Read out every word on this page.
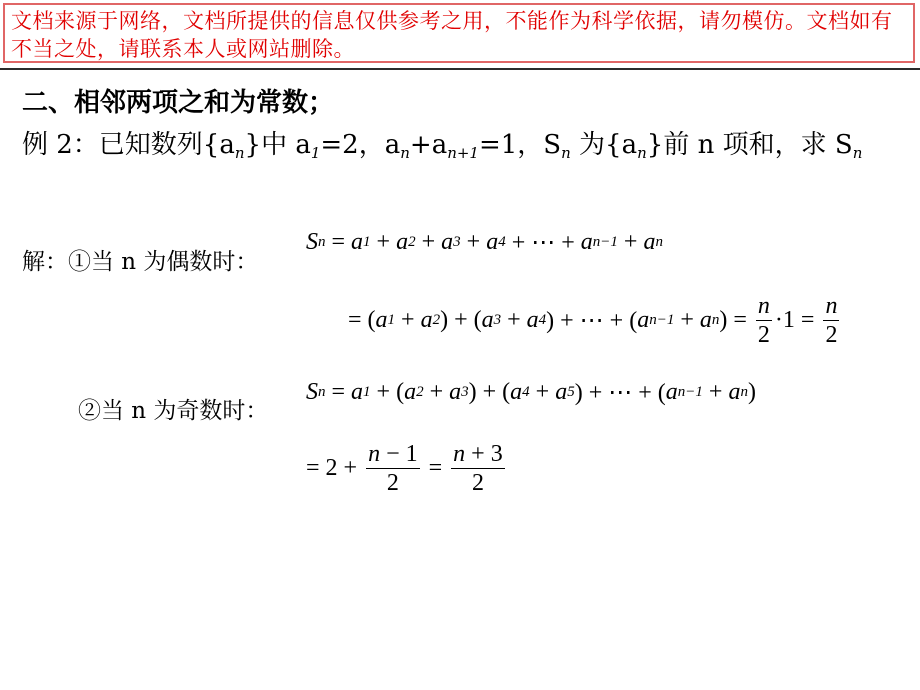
文档来源于网络，文档所提供的信息仅供参考之用，不能作为科学依据，请勿模仿。文档如有不当之处，请联系本人或网站删除。
二、相邻两项之和为常数；
例 2：已知数列$\{a_n\}$中 $a_1=2$，$a_n+a_{n+1}=1$，$S_n$ 为$\{a_n\}$前 n 项和，求 $S_n$
解：①当 n 为偶数时：
S n = a 1 + a 2 + a 3 + a 4 + ⋯ + a n−1 + a n
= ( a 1 + a 2 ) + ( a 3 + a 4 ) + ⋯ + ( a n−1 + a n ) = $\frac{n}{2} \cdot 1 = \frac{n}{2}$
②当 n 为奇数时：
S n = a 1 + ( a 2 + a 3 ) + ( a 4 + a 5 ) + ⋯ + ( a n−1 + a n )
= $2 + \frac{n - 1}{2} = \frac{n + 3}{2}$
